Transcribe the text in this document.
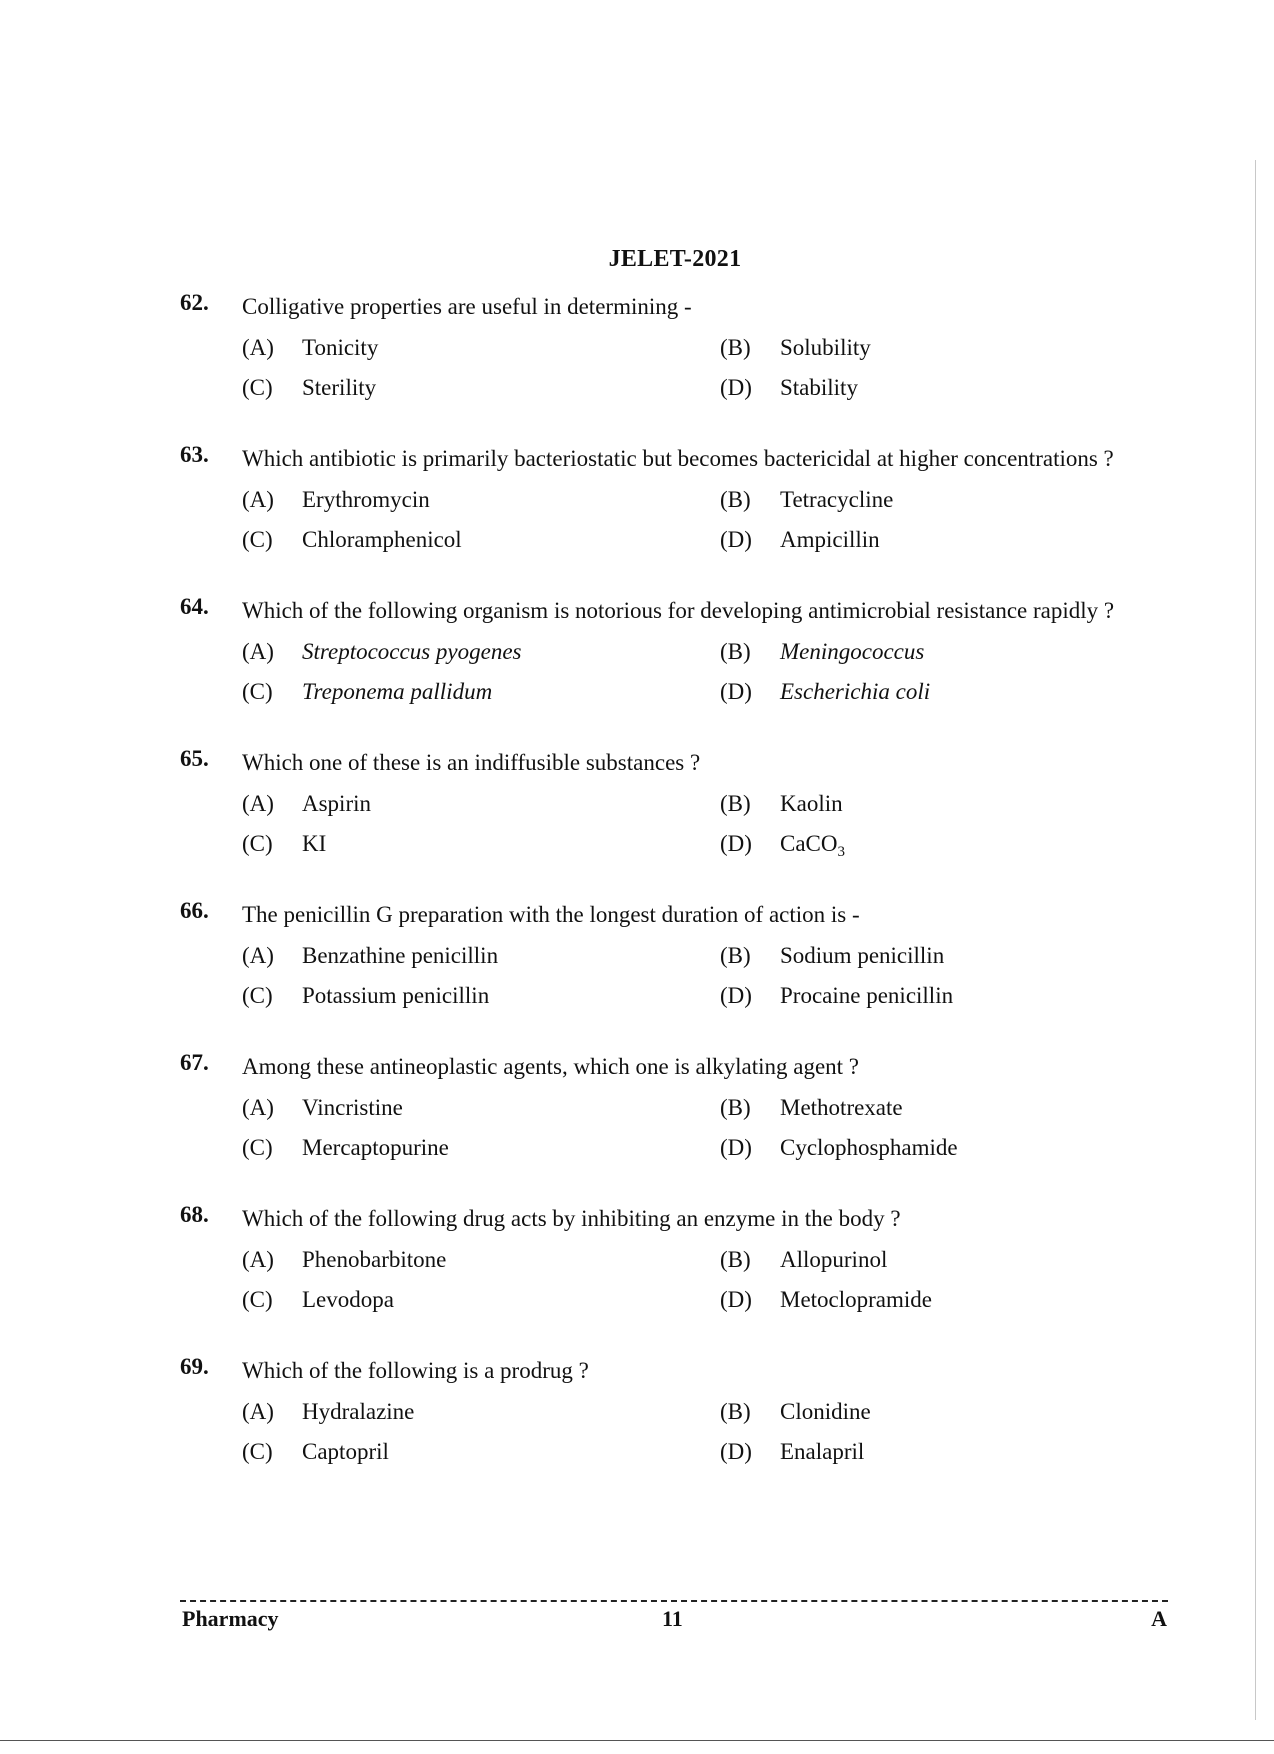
JELET-2021
62. Colligative properties are useful in determining -
(A)	Tonicity	(B)	Solubility
(C)	Sterility	(D)	Stability
63. Which antibiotic is primarily bacteriostatic but becomes bactericidal at higher concentrations ?
(A)	Erythromycin	(B)	Tetracycline
(C)	Chloramphenicol	(D)	Ampicillin
64. Which of the following organism is notorious for developing antimicrobial resistance rapidly ?
(A)	Streptococcus pyogenes	(B)	Meningococcus
(C)	Treponema pallidum	(D)	Escherichia coli
65. Which one of these is an indiffusible substances ?
(A)	Aspirin	(B)	Kaolin
(C)	KI	(D)	CaCO$_3$
66. The penicillin G preparation with the longest duration of action is -
(A)	Benzathine penicillin	(B)	Sodium penicillin
(C)	Potassium penicillin	(D)	Procaine penicillin
67. Among these antineoplastic agents, which one is alkylating agent ?
(A)	Vincristine	(B)	Methotrexate
(C)	Mercaptopurine	(D)	Cyclophosphamide
68. Which of the following drug acts by inhibiting an enzyme in the body ?
(A)	Phenobarbitone	(B)	Allopurinol
(C)	Levodopa	(D)	Metoclopramide
69. Which of the following is a prodrug ?
(A)	Hydralazine	(B)	Clonidine
(C)	Captopril	(D)	Enalapril
Pharmacy	11	A
